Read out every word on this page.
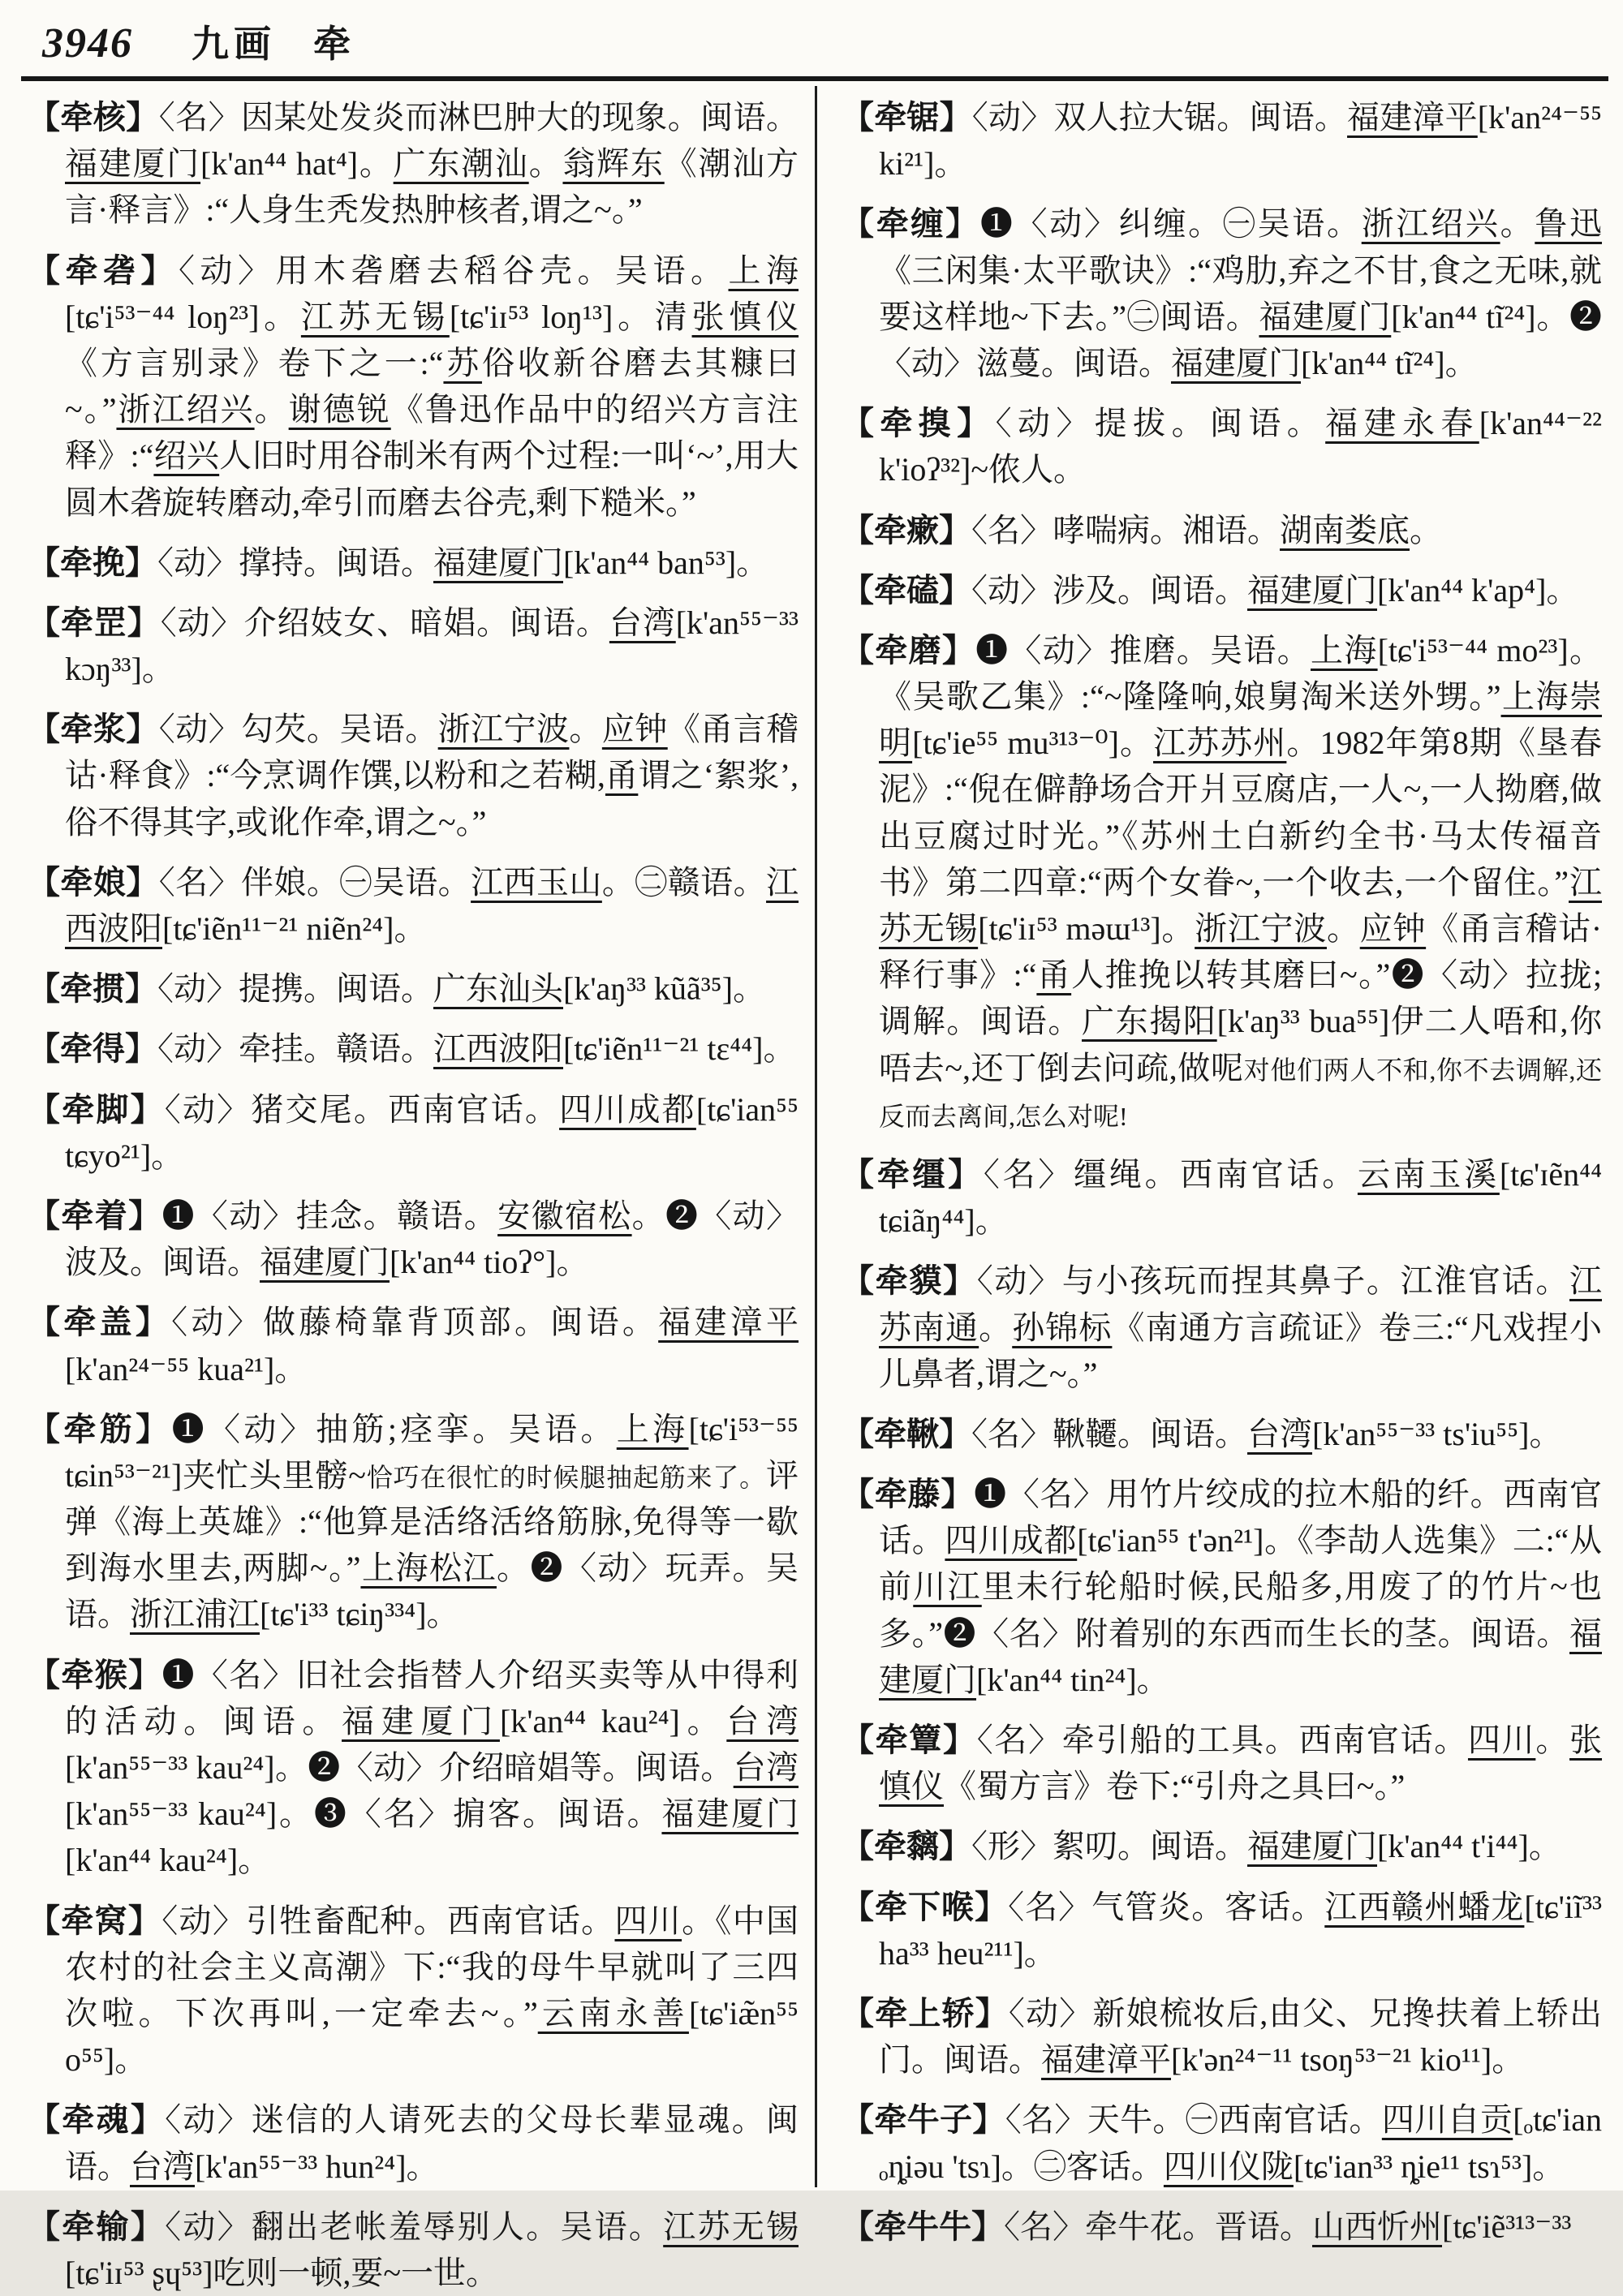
3946 九画 牵

【牵核】〈名〉因某处发炎而淋巴肿大的现象。闽语。福建厦门[k'an⁴⁴ hat⁴]。广东潮汕。翁辉东《潮汕方言·释言》:“人身生秃发热肿核者,谓之~。”

【牵砻】〈动〉用木砻磨去稻谷壳。吴语。上海[tɕ'i⁵³⁻⁴⁴ loŋ²³]。江苏无锡[tɕ'iɪ⁵³ loŋ¹³]。清张慎仪《方言别录》卷下之一:“苏俗收新谷磨去其糠曰~。”浙江绍兴。谢德锐《鲁迅作品中的绍兴方言注释》:“绍兴人旧时用谷制米有两个过程:一叫‘~’,用大圆木砻旋转磨动,牵引而磨去谷壳,剩下糙米。”

【牵挽】〈动〉撑持。闽语。福建厦门[k'an⁴⁴ ban⁵³]。

【牵罡】〈动〉介绍妓女、暗娼。闽语。台湾[k'an⁵⁵⁻³³ kɔŋ³³]。

【牵浆】〈动〉勾芡。吴语。浙江宁波。应钟《甬言稽诂·释食》:“今烹调作馔,以粉和之若糊,甬谓之‘絮浆’,俗不得其字,或讹作牵,谓之~。”

【牵娘】〈名〉伴娘。㊀吴语。江西玉山。㊁赣语。江西波阳[tɕ'iẽn¹¹⁻²¹ niẽn²⁴]。

【牵掼】〈动〉提携。闽语。广东汕头[k'aŋ³³ kũã³⁵]。

【牵得】〈动〉牵挂。赣语。江西波阳[tɕ'iẽn¹¹⁻²¹ tɛ⁴⁴]。

【牵脚】〈动〉猪交尾。西南官话。四川成都[tɕ'ian⁵⁵ tɕyo²¹]。

【牵着】❶〈动〉挂念。赣语。安徽宿松。❷〈动〉波及。闽语。福建厦门[k'an⁴⁴ tioʔ°]。

【牵盖】〈动〉做藤椅靠背顶部。闽语。福建漳平[k'an²⁴⁻⁵⁵ kua²¹]。

【牵筋】❶〈动〉抽筋;痉挛。吴语。上海[tɕ'i⁵³⁻⁵⁵ tɕin⁵³⁻²¹]夹忙头里髈~恰巧在很忙的时候腿抽起筋来了。评弹《海上英雄》:“他算是活络活络筋脉,免得等一歇到海水里去,两脚~。”上海松江。❷〈动〉玩弄。吴语。浙江浦江[tɕ'i³³ tɕiŋ³³⁴]。

【牵猴】❶〈名〉旧社会指替人介绍买卖等从中得利的活动。闽语。福建厦门[k'an⁴⁴ kau²⁴]。台湾[k'an⁵⁵⁻³³ kau²⁴]。❷〈动〉介绍暗娼等。闽语。台湾[k'an⁵⁵⁻³³ kau²⁴]。❸〈名〉掮客。闽语。福建厦门[k'an⁴⁴ kau²⁴]。

【牵窝】〈动〉引牲畜配种。西南官话。四川。《中国农村的社会主义高潮》下:“我的母牛早就叫了三四次啦。下次再叫,一定牵去~。”云南永善[tɕ'iæ̃n⁵⁵ o⁵⁵]。

【牵魂】〈动〉迷信的人请死去的父母长辈显魂。闽语。台湾[k'an⁵⁵⁻³³ hun²⁴]。

【牵输】〈动〉翻出老帐羞辱别人。吴语。江苏无锡[tɕ'iɪ⁵³ ʂɥ⁵³]吃则一顿,要~一世。

【牵锯】〈动〉双人拉大锯。闽语。福建漳平[k'an²⁴⁻⁵⁵ ki²¹]。

【牵缠】❶〈动〉纠缠。㊀吴语。浙江绍兴。鲁迅《三闲集·太平歌诀》:“鸡肋,弃之不甘,食之无味,就要这样地~下去。”㊁闽语。福建厦门[k'an⁴⁴ tĩ²⁴]。❷〈动〉滋蔓。闽语。福建厦门[k'an⁴⁴ tĩ²⁴]。

【牵搝】〈动〉提拔。闽语。福建永春[k'an⁴⁴⁻²² k'ioʔ³²]~侬人。

【牵瘶】〈名〉哮喘病。湘语。湖南娄底。

【牵磕】〈动〉涉及。闽语。福建厦门[k'an⁴⁴ k'ap⁴]。

【牵磨】❶〈动〉推磨。吴语。上海[tɕ'i⁵³⁻⁴⁴ mo²³]。《吴歌乙集》:“~隆隆响,娘舅淘米送外甥。”上海崇明[tɕ'ie⁵⁵ mu³¹³⁻⁰]。江苏苏州。1982年第8期《垦春泥》:“倪在僻静场合开爿豆腐店,一人~,一人拗磨,做出豆腐过时光。”《苏州土白新约全书·马太传福音书》第二四章:“两个女眷~,一个收去,一个留住。”江苏无锡[tɕ'iɪ⁵³ məɯ¹³]。浙江宁波。应钟《甬言稽诂·释行事》:“甬人推挽以转其磨曰~。”❷〈动〉拉拢;调解。闽语。广东揭阳[k'aŋ³³ bua⁵⁵]伊二人唔和,你唔去~,还丁倒去问疏,做呢对他们两人不和,你不去调解,还反而去离间,怎么对呢!

【牵缰】〈名〉缰绳。西南官话。云南玉溪[tɕ'ɪẽn⁴⁴ tɕiãŋ⁴⁴]。

【牵貘】〈动〉与小孩玩而捏其鼻子。江淮官话。江苏南通。孙锦标《南通方言疏证》卷三:“凡戏捏小儿鼻者,谓之~。”

【牵鞦】〈名〉鞦韆。闽语。台湾[k'an⁵⁵⁻³³ ts'iu⁵⁵]。

【牵藤】❶〈名〉用竹片绞成的拉木船的纤。西南官话。四川成都[tɕ'ian⁵⁵ t'ən²¹]。《李劼人选集》二:“从前川江里未行轮船时候,民船多,用废了的竹片~也多。”❷〈名〉附着别的东西而生长的茎。闽语。福建厦门[k'an⁴⁴ tin²⁴]。

【牵簟】〈名〉牵引船的工具。西南官话。四川。张慎仪《蜀方言》卷下:“引舟之具曰~。”

【牵黐】〈形〉絮叨。闽语。福建厦门[k'an⁴⁴ t'i⁴⁴]。

【牵下喉】〈名〉气管炎。客话。江西赣州蟠龙[tɕ'iĩ³³ ha³³ heu²¹¹]。

【牵上轿】〈动〉新娘梳妆后,由父、兄搀扶着上轿出门。闽语。福建漳平[k'ən²⁴⁻¹¹ tsoŋ⁵³⁻²¹ kio¹¹]。

【牵牛子】〈名〉天牛。㊀西南官话。四川自贡[ₒtɕ'ian ₒȵiəu 'tsɿ]。㊁客话。四川仪陇[tɕ'ian³³ ȵie¹¹ tsɿ⁵³]。

【牵牛牛】〈名〉牵牛花。晋语。山西忻州[tɕ'iẽ³¹³⁻³³
